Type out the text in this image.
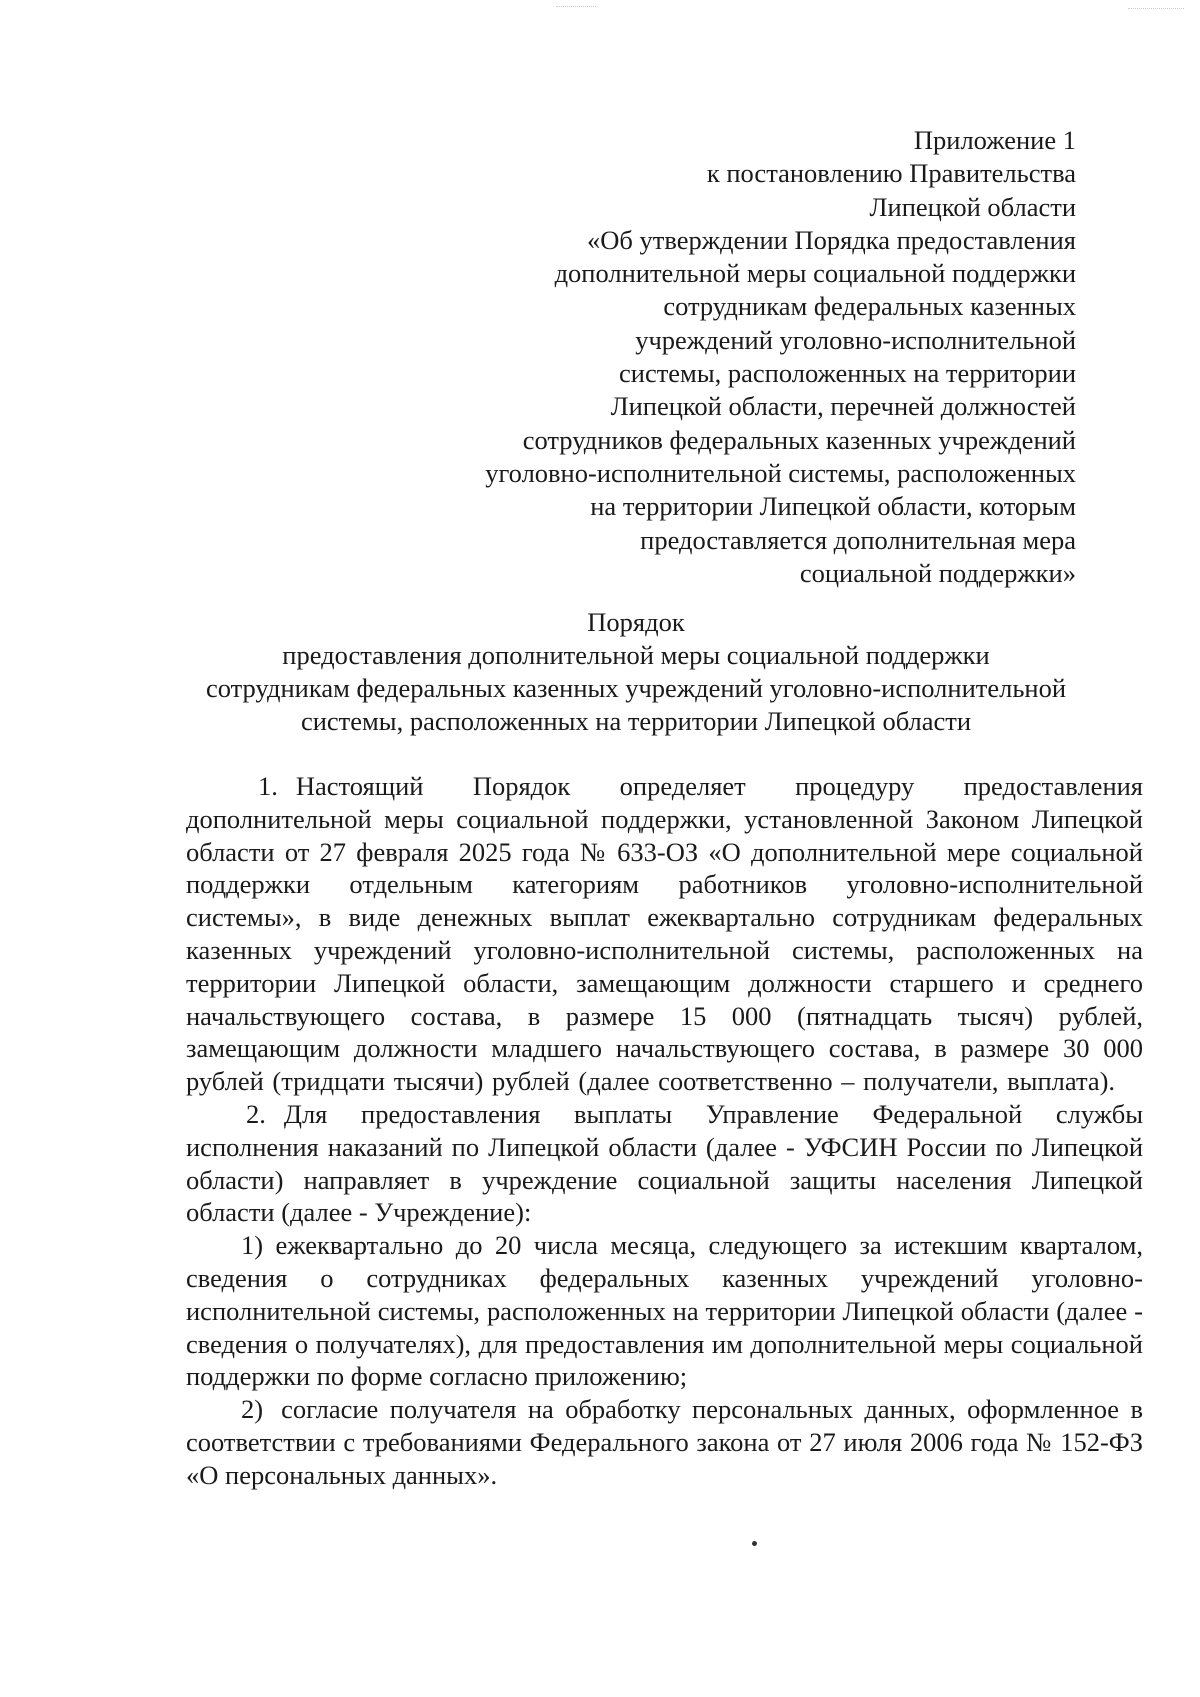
Приложение 1
к постановлению Правительства
Липецкой области
«Об утверждении Порядка предоставления
дополнительной меры социальной поддержки
сотрудникам федеральных казенных
учреждений уголовно-исполнительной
системы, расположенных на территории
Липецкой области, перечней должностей
сотрудников федеральных казенных учреждений
уголовно-исполнительной системы, расположенных
на территории Липецкой области, которым
предоставляется дополнительная мера
социальной поддержки»
Порядок
предоставления дополнительной меры социальной поддержки
сотрудникам федеральных казенных учреждений уголовно-исполнительной
системы, расположенных на территории Липецкой области

1. Настоящий Порядок определяет процедуру предоставления дополнительной меры социальной поддержки, установленной Законом Липецкой области от 27 февраля 2025 года № 633-ОЗ «О дополнительной мере социальной поддержки отдельным категориям работников уголовно-исполнительной системы», в виде денежных выплат ежеквартально сотрудникам федеральных казенных учреждений уголовно-исполнительной системы, расположенных на территории Липецкой области, замещающим должности старшего и среднего начальствующего состава, в размере 15 000 (пятнадцать тысяч) рублей, замещающим должности младшего начальствующего состава, в размере 30 000 рублей (тридцати тысячи) рублей (далее соответственно – получатели, выплата).

2. Для предоставления выплаты Управление Федеральной службы исполнения наказаний по Липецкой области (далее - УФСИН России по Липецкой области) направляет в учреждение социальной защиты населения Липецкой области (далее - Учреждение):

1) ежеквартально до 20 числа месяца, следующего за истекшим кварталом, сведения о сотрудниках федеральных казенных учреждений уголовно-исполнительной системы, расположенных на территории Липецкой области (далее - сведения о получателях), для предоставления им дополнительной меры социальной поддержки по форме согласно приложению;

2) согласие получателя на обработку персональных данных, оформленное в соответствии с требованиями Федерального закона от 27 июля 2006 года № 152-ФЗ «О персональных данных».
